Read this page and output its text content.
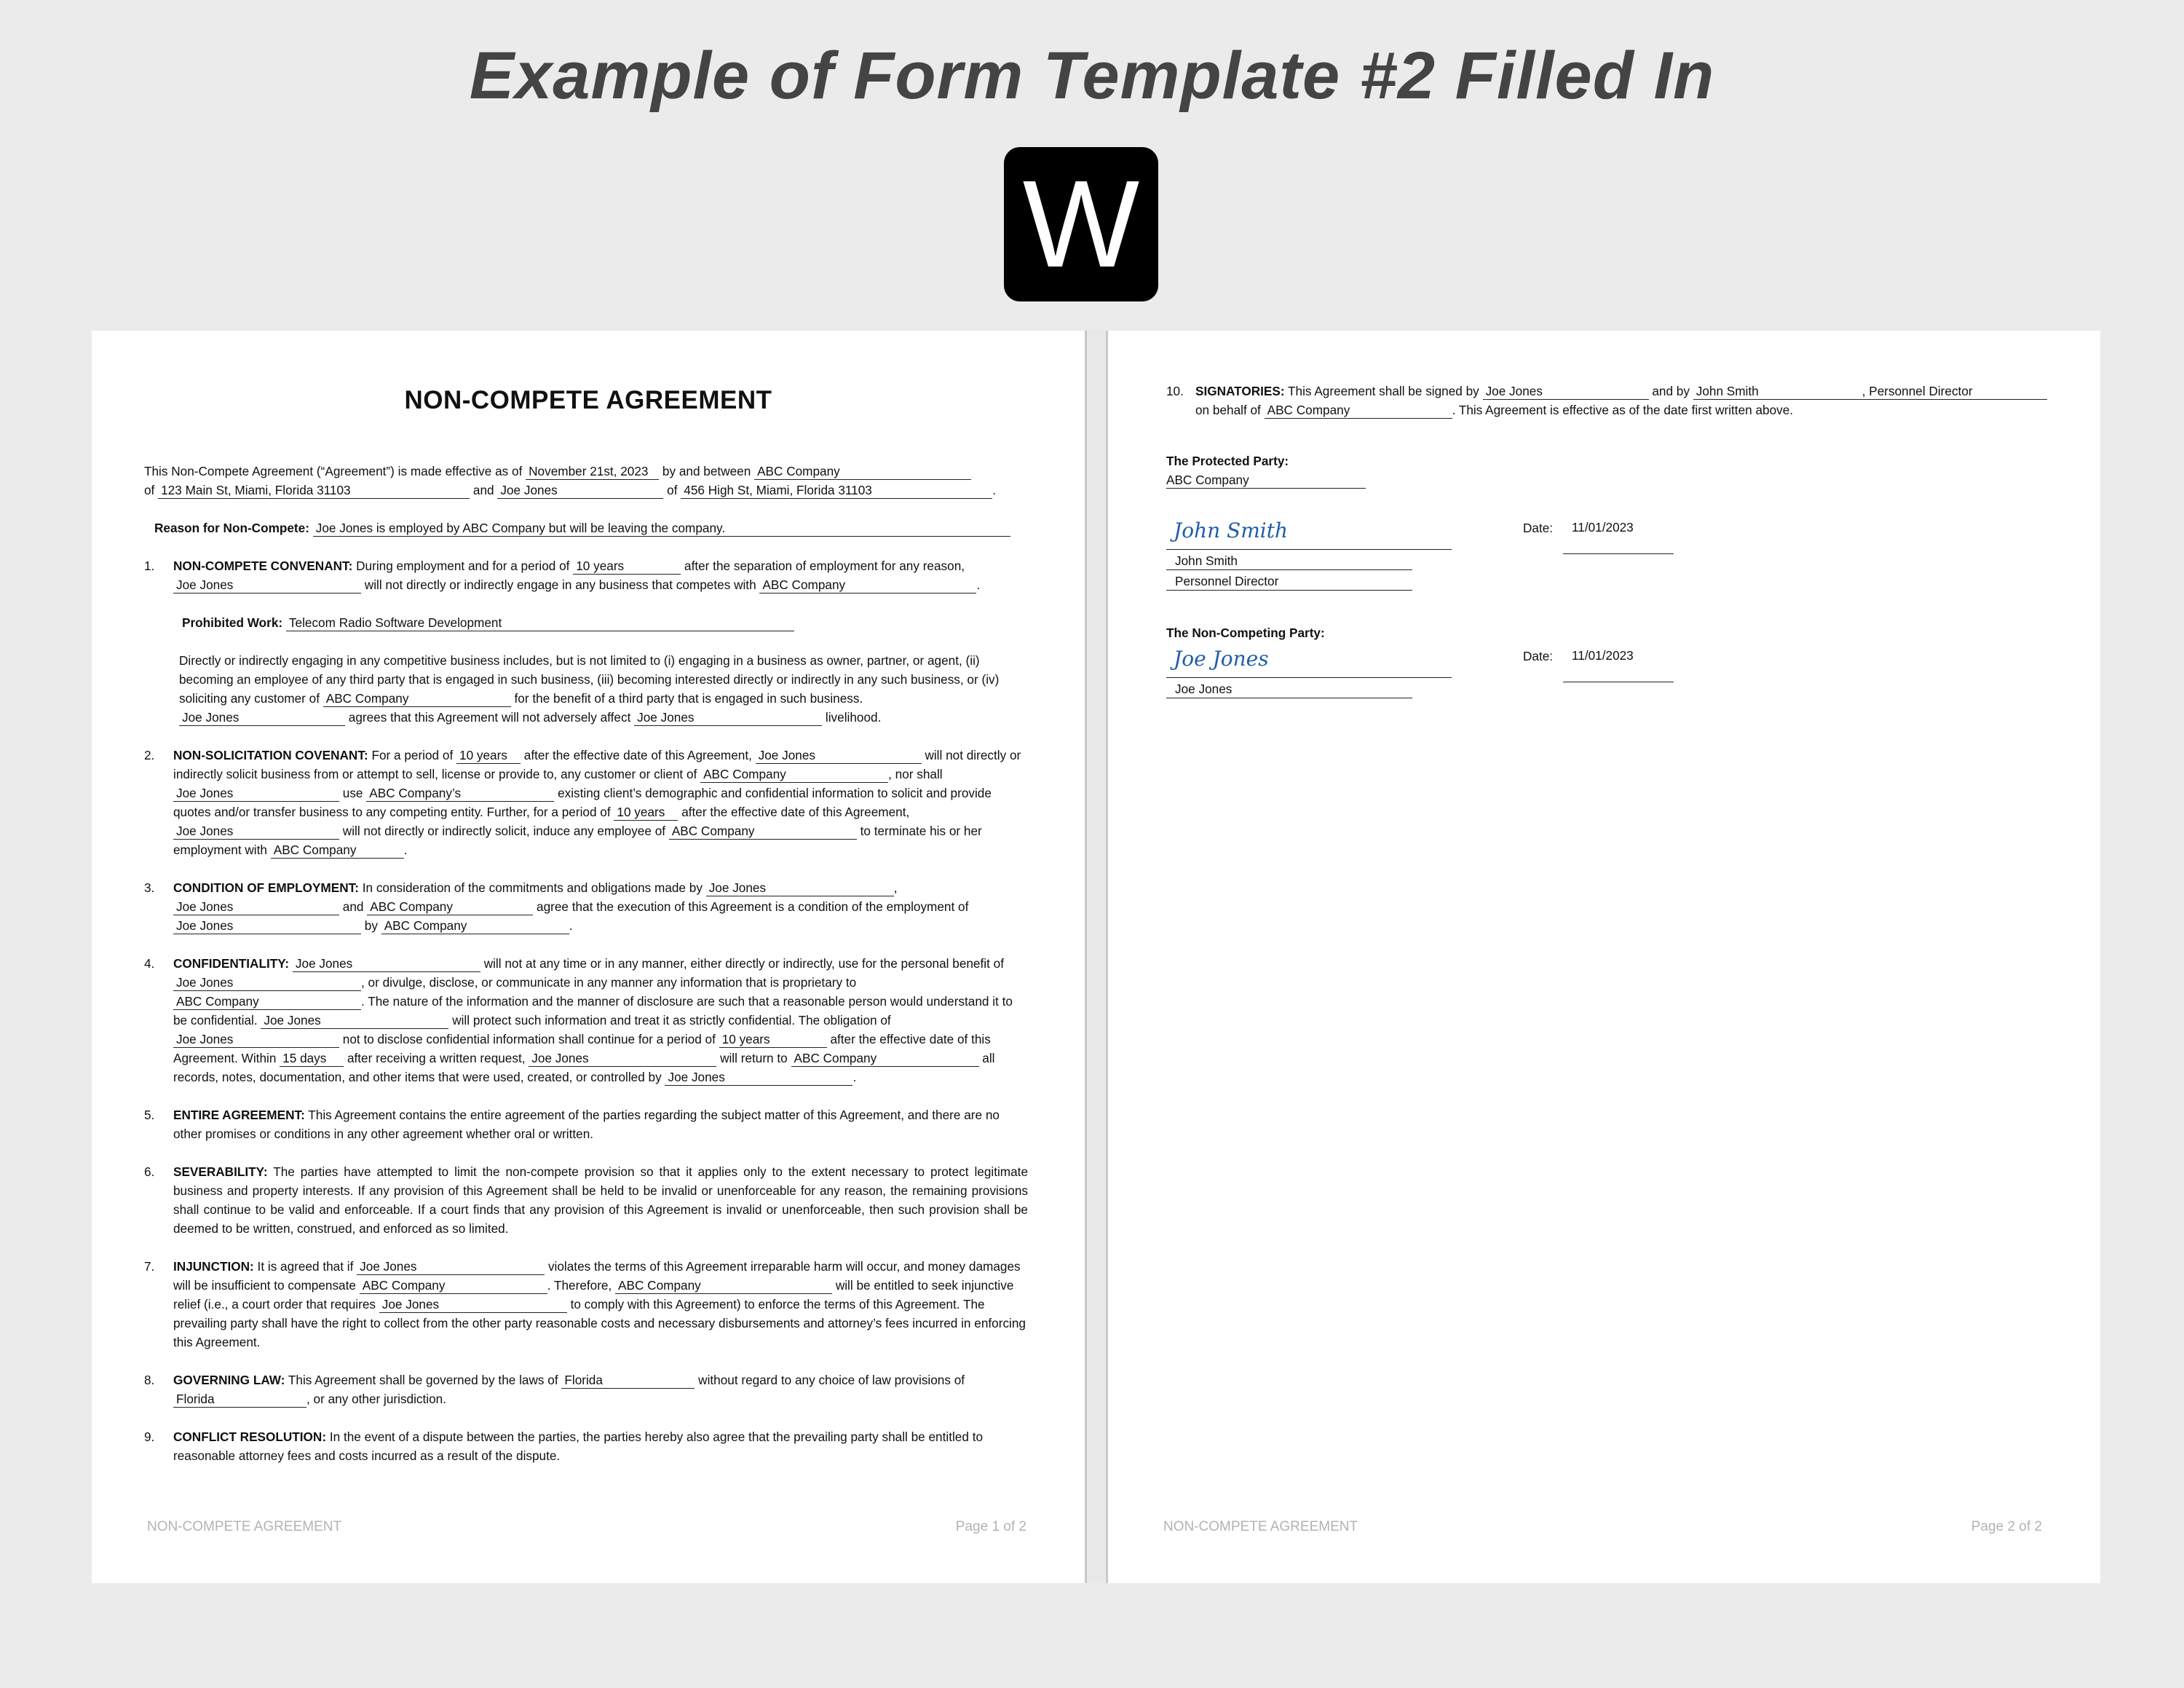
Example of Form Template #2 Filled In
W
NON-COMPETE AGREEMENT

This Non-Compete Agreement (“Agreement”) is made effective as of November 21st, 2023 by and between ABC Company
of 123 Main St, Miami, Florida 31103	and Joe Jones	of 456 High St, Miami, Florida 31103	.

Reason for Non-Compete: Joe Jones is employed by ABC Company but will be leaving the company.

1. NON-COMPETE CONVENANT: During employment and for a period of 10 years	after the separation of employment for any reason,
Joe Jones	will not directly or indirectly engage in any business that competes with ABC Company	.

Prohibited Work: Telecom Radio Software Development

Directly or indirectly engaging in any competitive business includes, but is not limited to (i) engaging in a business as owner, partner, or agent, (ii) becoming an employee of any third party that is engaged in such business, (iii) becoming interested directly or indirectly in any such business, or (iv) soliciting any customer of ABC Company	for the benefit of a third party that is engaged in such business. Joe Jones	agrees that this Agreement will not adversely affect Joe Jones	livelihood.

2. NON-SOLICITATION COVENANT: For a period of 10 years after the effective date of this Agreement, Joe Jones	will not directly or indirectly solicit business from or attempt to sell, license or provide to, any customer or client of ABC Company	, nor shall Joe Jones	use ABC Company’s	existing client’s demographic and confidential information to solicit and provide quotes and/or transfer business to any competing entity. Further, for a period of 10 years after the effective date of this Agreement, Joe Jones	will not directly or indirectly solicit, induce any employee of ABC Company	to terminate his or her employment with ABC Company	.

3. CONDITION OF EMPLOYMENT: In consideration of the commitments and obligations made by Joe Jones	,
Joe Jones	and ABC Company	agree that the execution of this Agreement is a condition of the employment of Joe Jones	by ABC Company	.

4. CONFIDENTIALITY: Joe Jones	will not at any time or in any manner, either directly or indirectly, use for the personal benefit of Joe Jones	, or divulge, disclose, or communicate in any manner any information that is proprietary to ABC Company	. The nature of the information and the manner of disclosure are such that a reasonable person would understand it to be confidential. Joe Jones	will protect such information and treat it as strictly confidential. The obligation of Joe Jones	not to disclose confidential information shall continue for a period of 10 years	after the effective date of this Agreement. Within 15 days after receiving a written request, Joe Jones	will return to ABC Company	all records, notes, documentation, and other items that were used, created, or controlled by Joe Jones	.

5. ENTIRE AGREEMENT: This Agreement contains the entire agreement of the parties regarding the subject matter of this Agreement, and there are no other promises or conditions in any other agreement whether oral or written.

6. SEVERABILITY: The parties have attempted to limit the non-compete provision so that it applies only to the extent necessary to protect legitimate business and property interests. If any provision of this Agreement shall be held to be invalid or unenforceable for any reason, the remaining provisions shall continue to be valid and enforceable. If a court finds that any provision of this Agreement is invalid or unenforceable, then such provision shall be deemed to be written, construed, and enforced as so limited.

7. INJUNCTION: It is agreed that if Joe Jones	violates the terms of this Agreement irreparable harm will occur, and money damages will be insufficient to compensate ABC Company	. Therefore, ABC Company	will be entitled to seek injunctive relief (i.e., a court order that requires Joe Jones	to comply with this Agreement) to enforce the terms of this Agreement. The prevailing party shall have the right to collect from the other party reasonable costs and necessary disbursements and attorney’s fees incurred in enforcing this Agreement.

8. GOVERNING LAW: This Agreement shall be governed by the laws of Florida	without regard to any choice of law provisions of
Florida	, or any other jurisdiction.

9. CONFLICT RESOLUTION: In the event of a dispute between the parties, the parties hereby also agree that the prevailing party shall be entitled to reasonable attorney fees and costs incurred as a result of the dispute.

NON-COMPETE AGREEMENT	Page 1 of 2

10. SIGNATORIES: This Agreement shall be signed by Joe Jones	and by John Smith	, Personnel Director
on behalf of ABC Company	. This Agreement is effective as of the date first written above.

The Protected Party:

ABC Company

John Smith
John Smith
Personnel Director
Date:	11/01/2023

The Non-Competing Party:

Joe Jones
Joe Jones
Date:	11/01/2023
NON-COMPETE AGREEMENT	Page 2 of 2
